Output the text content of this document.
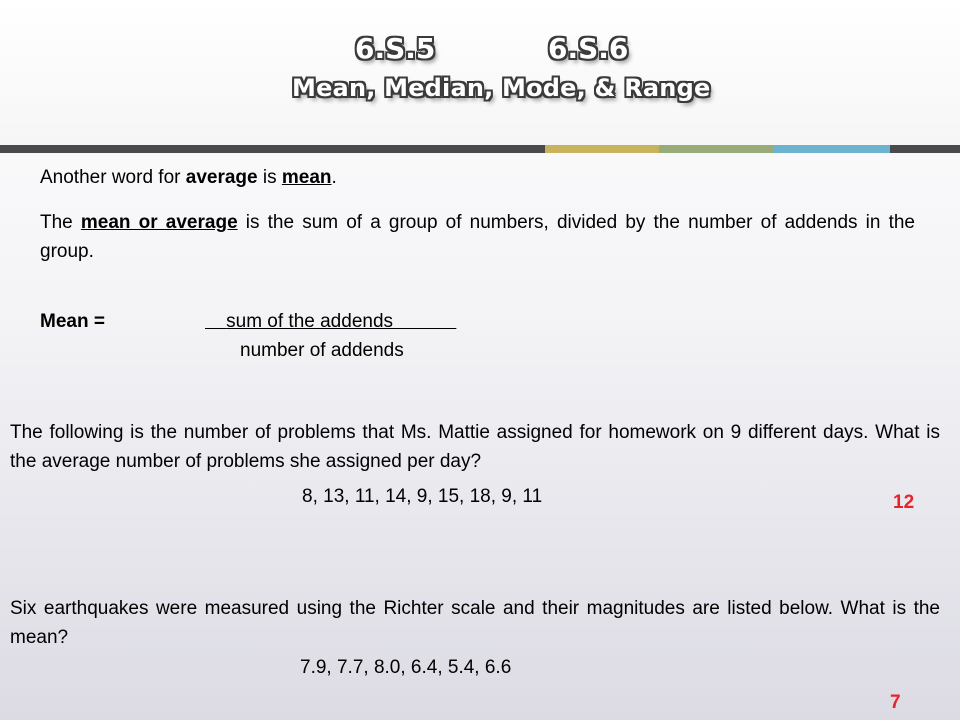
6.S.5	6.S.6
Mean, Median, Mode, & Range
Another word for average is mean.
The mean or average is the sum of a group of numbers, divided by the number of addends in the group.
Mean =	sum of the addends
number of addends
The following is the number of problems that Ms. Mattie assigned for homework on 9 different days. What is the average number of problems she assigned per day?
8, 13, 11, 14, 9, 15, 18, 9, 11	12
Six earthquakes were measured using the Richter scale and their magnitudes are listed below. What is the mean?
7.9, 7.7, 8.0, 6.4, 5.4, 6.6
7
